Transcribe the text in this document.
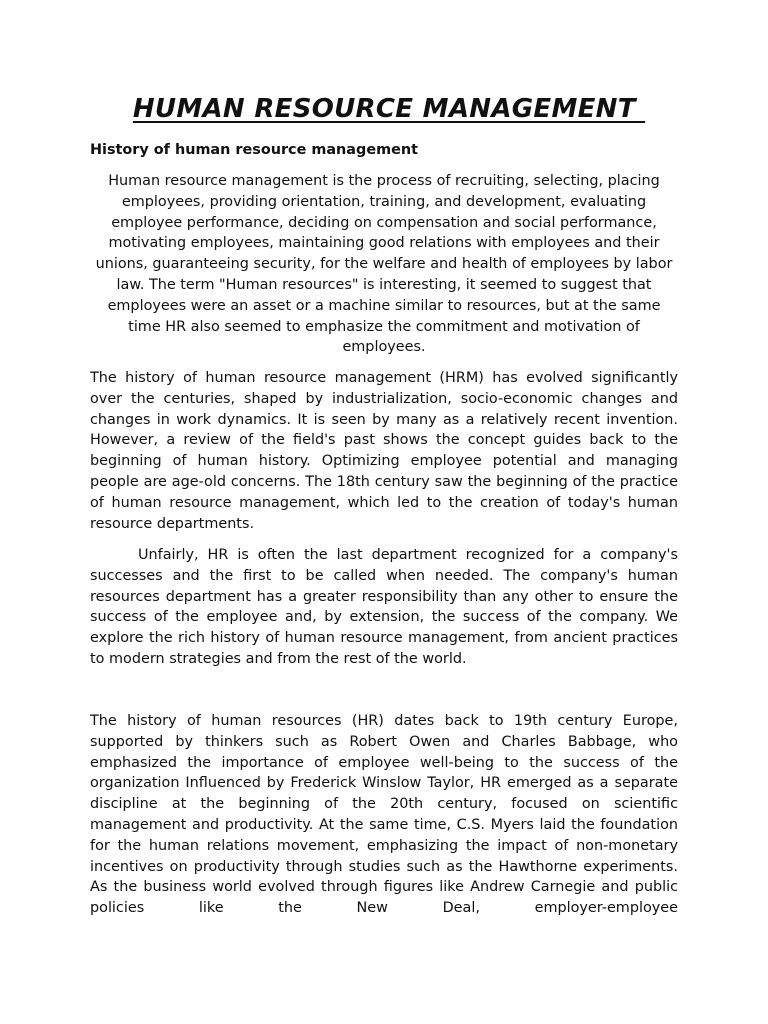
HUMAN RESOURCE MANAGEMENT
History of human resource management

Human resource management is the process of recruiting, selecting, placing employees, providing orientation, training, and development, evaluating employee performance, deciding on compensation and social performance, motivating employees, maintaining good relations with employees and their unions, guaranteeing security, for the welfare and health of employees by labor law. The term "Human resources" is interesting, it seemed to suggest that employees were an asset or a machine similar to resources, but at the same time HR also seemed to emphasize the commitment and motivation of employees.

The history of human resource management (HRM) has evolved significantly over the centuries, shaped by industrialization, socio-economic changes and changes in work dynamics. It is seen by many as a relatively recent invention. However, a review of the field's past shows the concept guides back to the beginning of human history. Optimizing employee potential and managing people are age-old concerns. The 18th century saw the beginning of the practice of human resource management, which led to the creation of today's human resource departments.

Unfairly, HR is often the last department recognized for a company's successes and the first to be called when needed. The company's human resources department has a greater responsibility than any other to ensure the success of the employee and, by extension, the success of the company. We explore the rich history of human resource management, from ancient practices to modern strategies and from the rest of the world.

The history of human resources (HR) dates back to 19th century Europe, supported by thinkers such as Robert Owen and Charles Babbage, who emphasized the importance of employee well-being to the success of the organization Influenced by Frederick Winslow Taylor, HR emerged as a separate discipline at the beginning of the 20th century, focused on scientific management and productivity. At the same time, C.S. Myers laid the foundation for the human relations movement, emphasizing the impact of non-monetary incentives on productivity through studies such as the Hawthorne experiments. As the business world evolved through figures like Andrew Carnegie and public policies like the New Deal, employer-employee
